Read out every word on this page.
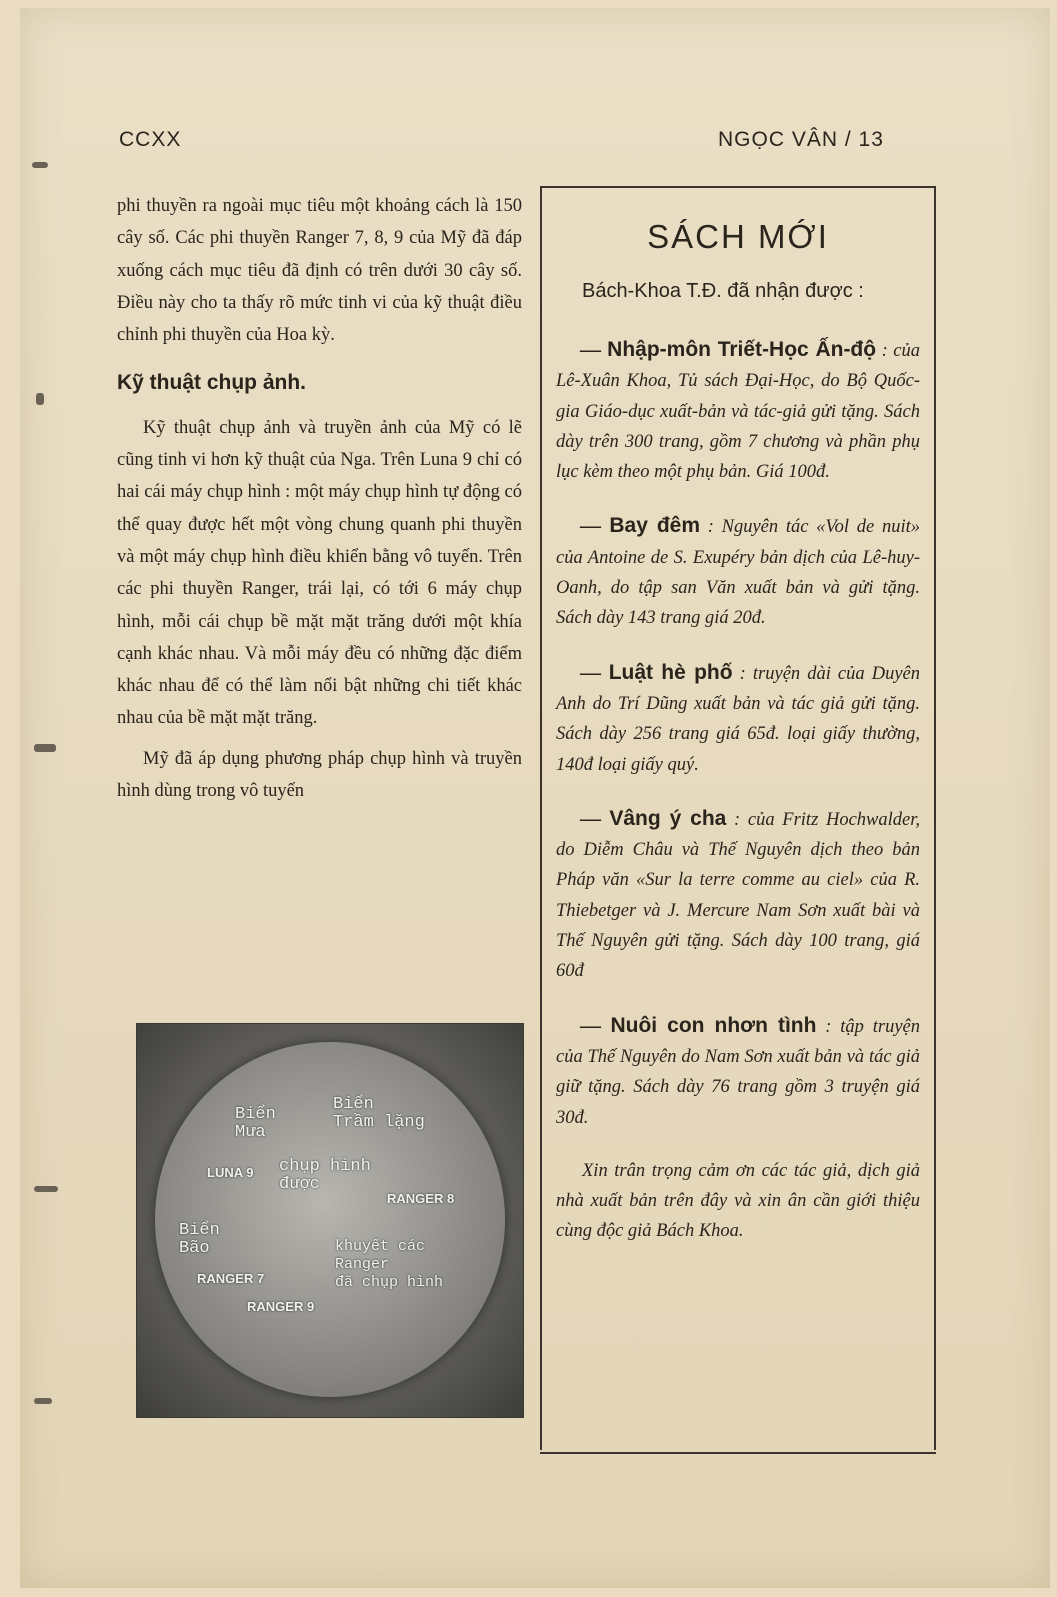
CCXX	NGỌC VÂN / 13

phi thuyền ra ngoài mục tiêu một khoảng cách là 150 cây số. Các phi thuyền Ranger 7, 8, 9 của Mỹ đã đáp xuống cách mục tiêu đã định có trên dưới 30 cây số. Điều này cho ta thấy rõ mức tinh vi của kỹ thuật điều chỉnh phi thuyền của Hoa kỳ.

Kỹ thuật chụp ảnh.

Kỹ thuật chụp ảnh và truyền ảnh của Mỹ có lẽ cũng tinh vi hơn kỹ thuật của Nga. Trên Luna 9 chỉ có hai cái máy chụp hình : một máy chụp hình tự động có thể quay được hết một vòng chung quanh phi thuyền và một máy chụp hình điều khiển bằng vô tuyến. Trên các phi thuyền Ranger, trái lại, có tới 6 máy chụp hình, mỗi cái chụp bề mặt mặt trăng dưới một khía cạnh khác nhau. Và mỗi máy đều có những đặc điểm khác nhau để có thể làm nổi bật những chi tiết khác nhau của bề mặt mặt trăng.

Mỹ đã áp dụng phương pháp chụp hình và truyền hình dùng trong vô tuyến

Biển
Mưa
Biển
Trầm lặng
LUNA 9 chụp hình
được
RANGER 8
Biển
Bão
RANGER 7
RANGER 9
khuyết các
Ranger
đã chụp hình
SÁCH MỚI
Bách-Khoa T.Đ. đã nhận được :

— Nhập-môn Triết-Học Ấn-độ : của Lê-Xuân Khoa, Tủ sách Đại-Học, do Bộ Quốc-gia Giáo-dục xuất-bản và tác-giả gửi tặng. Sách dày trên 300 trang, gồm 7 chương và phần phụ lục kèm theo một phụ bản. Giá 100đ.

— Bay đêm : Nguyên tác «Vol de nuit» của Antoine de S. Exupéry bản dịch của Lê-huy-Oanh, do tập san Văn xuất bản và gửi tặng. Sách dày 143 trang giá 20đ.

— Luật hè phố : truyện dài của Duyên Anh do Trí Dũng xuất bản và tác giả gửi tặng. Sách dày 256 trang giá 65đ. loại giấy thường, 140đ loại giấy quý.

— Vâng ý cha : của Fritz Hochwalder, do Diễm Châu và Thế Nguyên dịch theo bản Pháp văn «Sur la terre comme au ciel» của R. Thiebetger và J. Mercure Nam Sơn xuất bài và Thế Nguyên gửi tặng. Sách dày 100 trang, giá 60đ

— Nuôi con nhơn tình : tập truyện của Thế Nguyên do Nam Sơn xuất bản và tác giả giữ tặng. Sách dày 76 trang gồm 3 truyện giá 30đ.

Xin trân trọng cảm ơn các tác giả, dịch giả nhà xuất bản trên đây và xin ân cần giới thiệu cùng độc giả Bách Khoa.
